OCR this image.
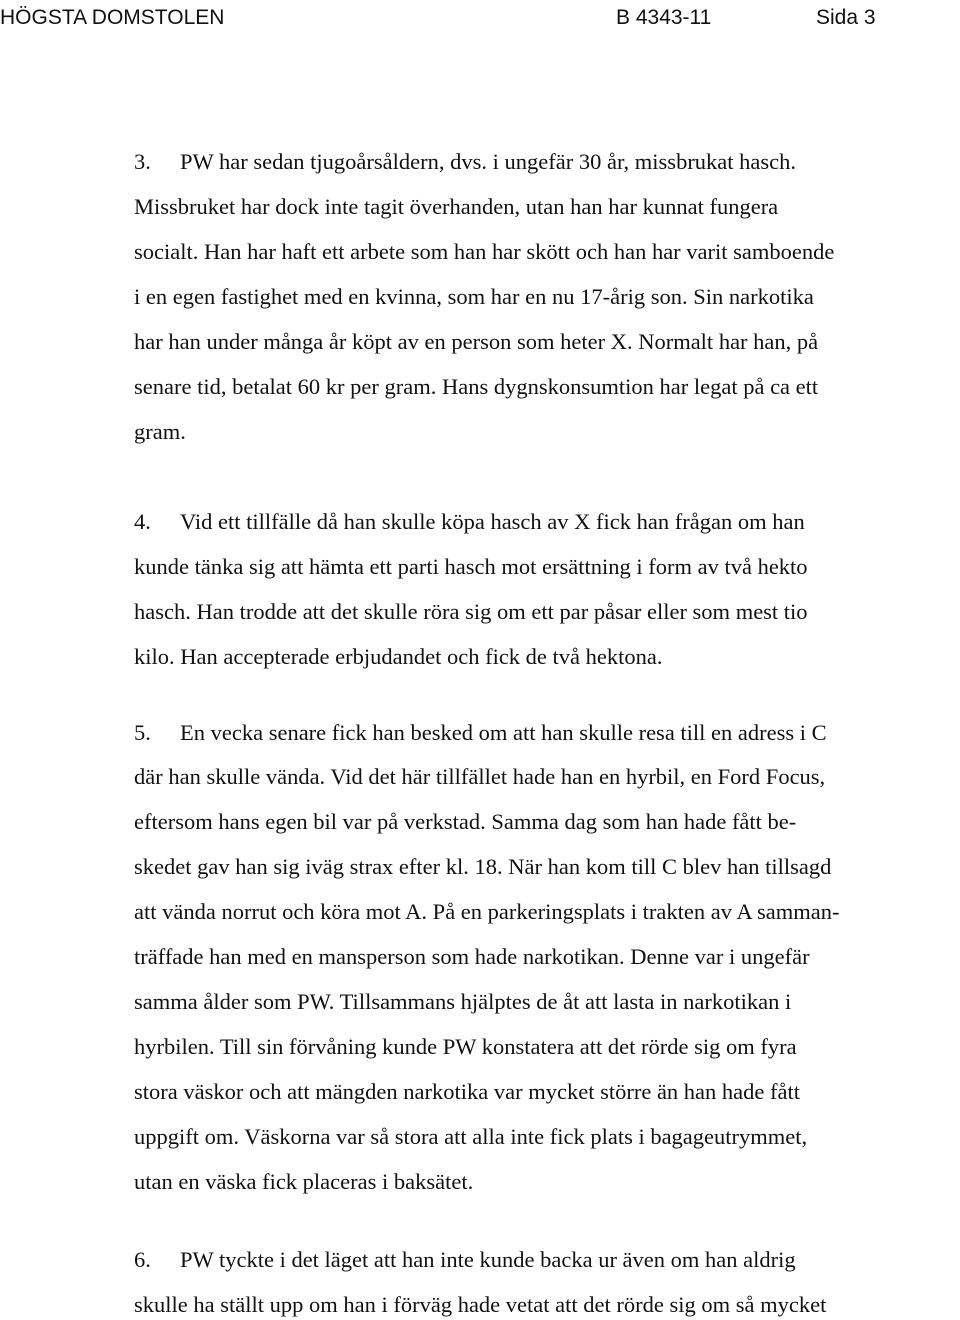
HÖGSTA DOMSTOLEN	B 4343-11	Sida 3
3. PW har sedan tjugoårsåldern, dvs. i ungefär 30 år, missbrukat hasch.
Missbruket har dock inte tagit överhanden, utan han har kunnat fungera
socialt. Han har haft ett arbete som han har skött och han har varit samboende
i en egen fastighet med en kvinna, som har en nu 17-årig son. Sin narkotika
har han under många år köpt av en person som heter X. Normalt har han, på
senare tid, betalat 60 kr per gram. Hans dygnskonsumtion har legat på ca ett
gram.
4. Vid ett tillfälle då han skulle köpa hasch av X fick han frågan om han
kunde tänka sig att hämta ett parti hasch mot ersättning i form av två hekto
hasch. Han trodde att det skulle röra sig om ett par påsar eller som mest tio
kilo. Han accepterade erbjudandet och fick de två hektona.
5. En vecka senare fick han besked om att han skulle resa till en adress i C
där han skulle vända. Vid det här tillfället hade han en hyrbil, en Ford Focus,
eftersom hans egen bil var på verkstad. Samma dag som han hade fått be-
skedet gav han sig iväg strax efter kl. 18. När han kom till C blev han tillsagd
att vända norrut och köra mot A. På en parkeringsplats i trakten av A samman-
träffade han med en mansperson som hade narkotikan. Denne var i ungefär
samma ålder som PW. Tillsammans hjälptes de åt att lasta in narkotikan i
hyrbilen. Till sin förvåning kunde PW konstatera att det rörde sig om fyra
stora väskor och att mängden narkotika var mycket större än han hade fått
uppgift om. Väskorna var så stora att alla inte fick plats i bagageutrymmet,
utan en väska fick placeras i baksätet.
6. PW tyckte i det läget att han inte kunde backa ur även om han aldrig
skulle ha ställt upp om han i förväg hade vetat att det rörde sig om så mycket
